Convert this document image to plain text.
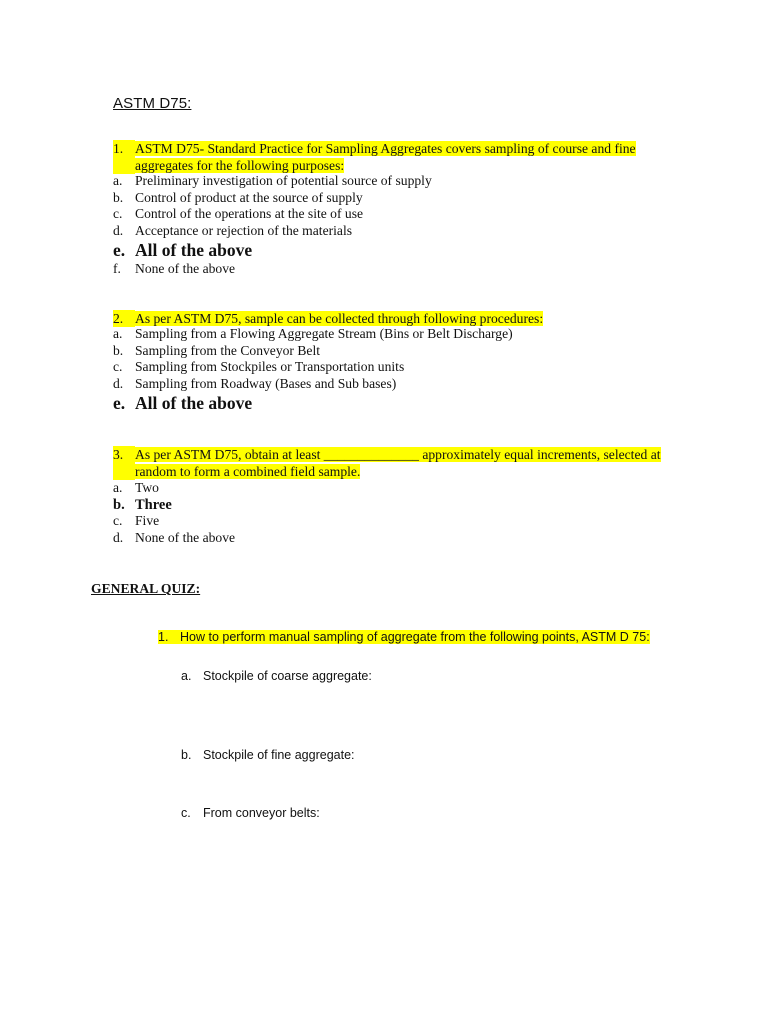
ASTM D75:
1. ASTM D75- Standard Practice for Sampling Aggregates covers sampling of course and fine
aggregates for the following purposes:
a. Preliminary investigation of potential source of supply
b. Control of product at the source of supply
c. Control of the operations at the site of use
d. Acceptance or rejection of the materials
e. All of the above
f.	None of the above
2. As per ASTM D75, sample can be collected through following procedures:
a. Sampling from a Flowing Aggregate Stream (Bins or Belt Discharge)
b. Sampling from the Conveyor Belt
c. Sampling from Stockpiles or Transportation units
d. Sampling from Roadway (Bases and Sub bases)
e. All of the above
3. As per ASTM D75, obtain at least ______________ approximately equal increments, selected at
random to form a combined field sample.
a. Two
b. Three
c. Five
d. None of the above
GENERAL QUIZ:
1. How to perform manual sampling of aggregate from the following points, ASTM D 75:
a. Stockpile of coarse aggregate:
b. Stockpile of fine aggregate:
c. From conveyor belts:
